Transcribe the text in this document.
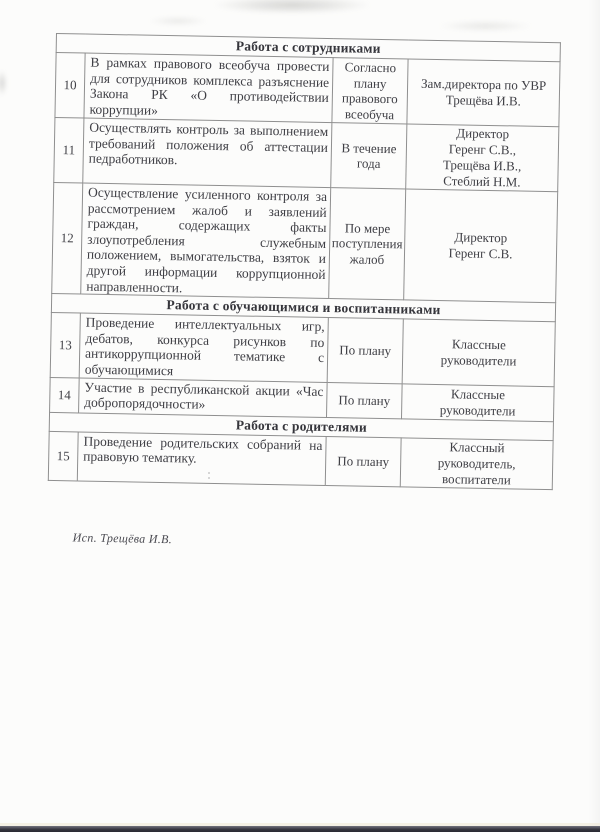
Работа с сотрудниками			
10	В рамках правового всеобуча провести для сотрудников комплекса разъяснение Закона РК «О противодействии коррупции»	Согласно
плану
правового
всеобуча	Зам.директора по УВР
Трещёва И.В.
11	Осуществлять контроль за выполнением требований положения об аттестации педработников.	В течение
года	Директор
Геренг С.В.,
Трещёва И.В.,
Стеблий Н.М.
12	Осуществление усиленного контроля за рассмотрением жалоб и заявлений граждан, содержащих факты злоупотребления служебным положением, вымогательства, взяток и другой информации коррупционной направленности.	По мере
поступления
жалоб	Директор
Геренг С.В.
Работа с обучающимися и воспитанниками			
13	Проведение интеллектуальных игр, дебатов, конкурса рисунков по антикоррупционной тематике с обучающимися	По плану	Классные
руководители
14	Участие в республиканской акции «Час добропорядочности»	По плану	Классные
руководители
Работа с родителями			
15	Проведение родительских собраний на правовую тематику.	По плану	Классный
руководитель,
воспитатели
Исп. Трещёва И.В.
